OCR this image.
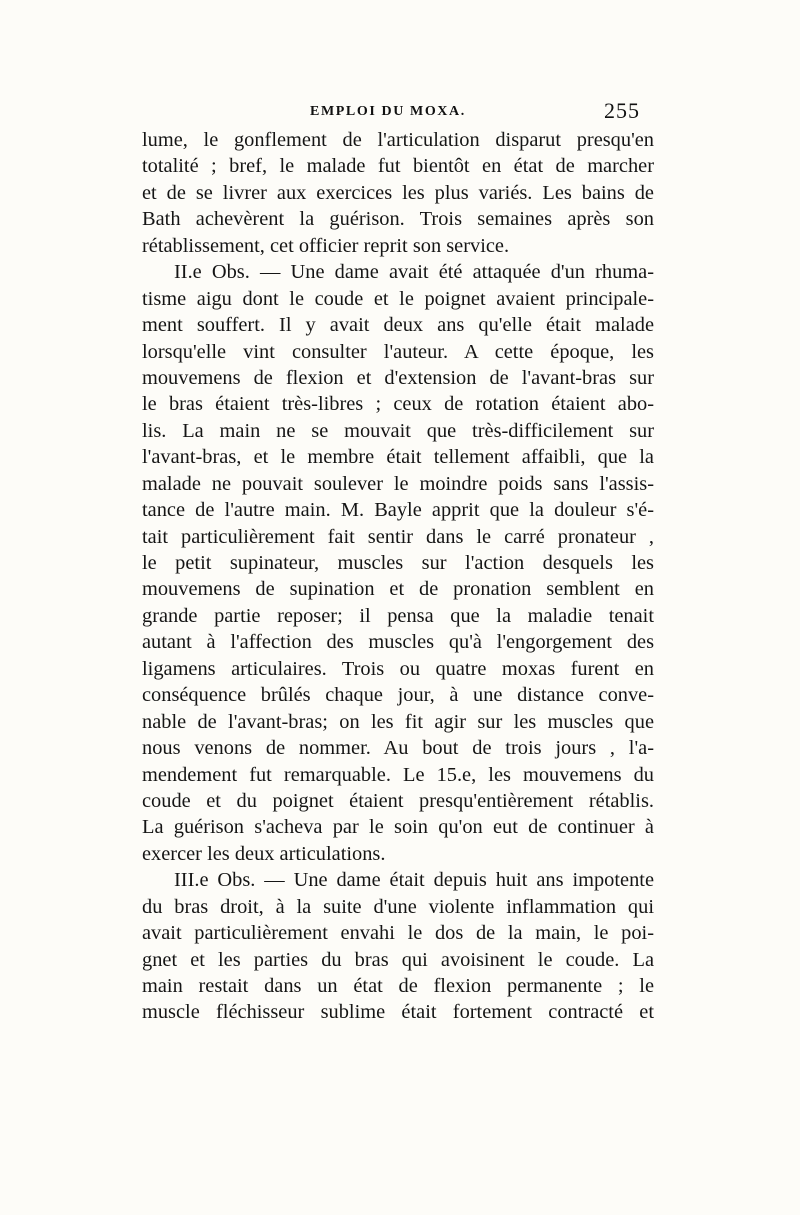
EMPLOI DU MOXA.	255
lume, le gonflement de l'articulation disparut presqu'en
totalité ; bref, le malade fut bientôt en état de marcher
et de se livrer aux exercices les plus variés. Les bains de
Bath achevèrent la guérison. Trois semaines après son
rétablissement, cet officier reprit son service.
II.e Obs. — Une dame avait été attaquée d'un rhuma-
tisme aigu dont le coude et le poignet avaient principale-
ment souffert. Il y avait deux ans qu'elle était malade
lorsqu'elle vint consulter l'auteur. A cette époque, les
mouvemens de flexion et d'extension de l'avant-bras sur
le bras étaient très-libres ; ceux de rotation étaient abo-
lis. La main ne se mouvait que très-difficilement sur
l'avant-bras, et le membre était tellement affaibli, que la
malade ne pouvait soulever le moindre poids sans l'assis-
tance de l'autre main. M. Bayle apprit que la douleur s'é-
tait particulièrement fait sentir dans le carré pronateur ,
le petit supinateur, muscles sur l'action desquels les
mouvemens de supination et de pronation semblent en
grande partie reposer; il pensa que la maladie tenait
autant à l'affection des muscles qu'à l'engorgement des
ligamens articulaires. Trois ou quatre moxas furent en
conséquence brûlés chaque jour, à une distance conve-
nable de l'avant-bras; on les fit agir sur les muscles que
nous venons de nommer. Au bout de trois jours , l'a-
mendement fut remarquable. Le 15.e, les mouvemens du
coude et du poignet étaient presqu'entièrement rétablis.
La guérison s'acheva par le soin qu'on eut de continuer à
exercer les deux articulations.
III.e Obs. — Une dame était depuis huit ans impotente
du bras droit, à la suite d'une violente inflammation qui
avait particulièrement envahi le dos de la main, le poi-
gnet et les parties du bras qui avoisinent le coude. La
main restait dans un état de flexion permanente ; le
muscle fléchisseur sublime était fortement contracté et
